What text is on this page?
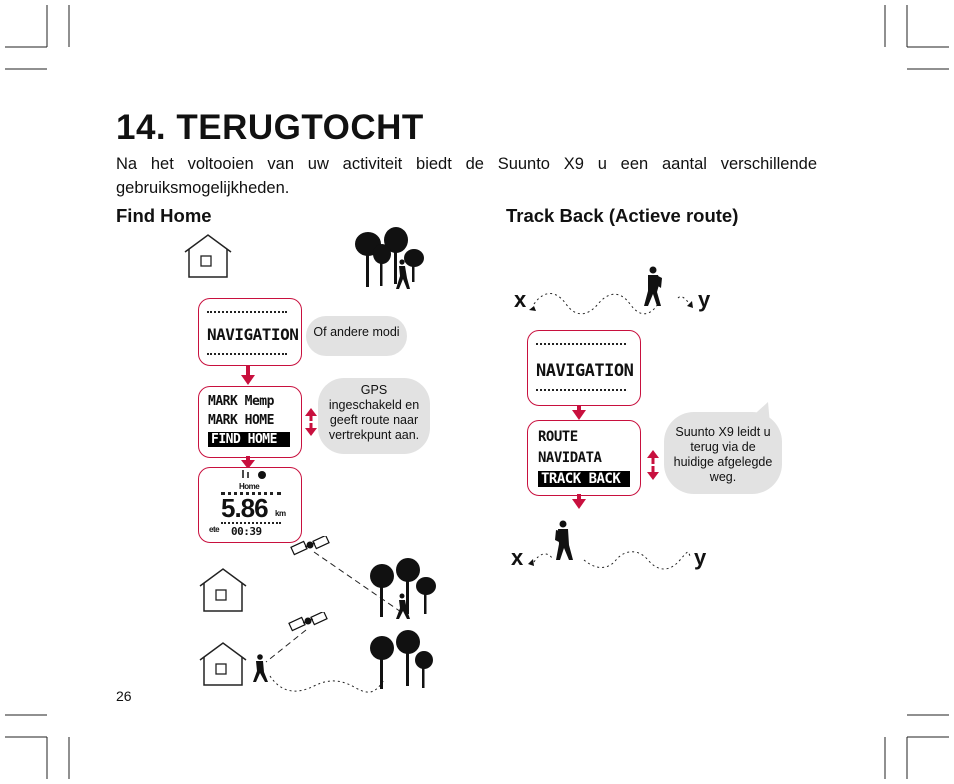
14. TERUGTOCHT
Na het voltooien van uw activiteit biedt de Suunto X9 u een aantal verschillende gebruiksmogelijkheden.
Find Home	Track Back (Actieve route)
NAVIGATION	Of andere modi
MARK Memp
MARK HOME
FIND HOME
GPS ingeschakeld en geeft route naar vertrekpunt aan.
Home
5.86 km
ete 00:39
x	y
NAVIGATION
ROUTE
NAVIDATA
TRACK BACK
Suunto X9 leidt u terug via de huidige afgelegde weg.
x	y
26
